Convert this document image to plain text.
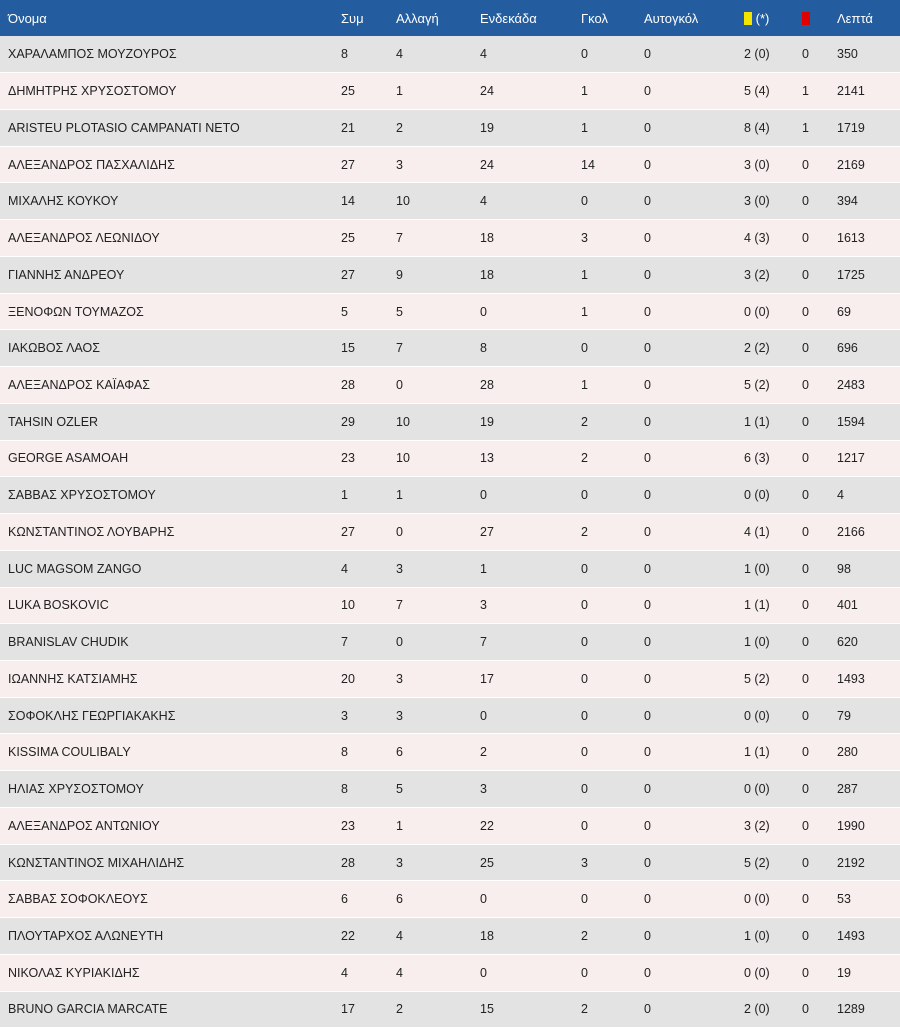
Όνομα	Συμ	Αλλαγή	Ενδεκάδα	Γκολ	Αυτογκόλ	(*)		Λεπτά
ΧΑΡΑΛΑΜΠΟΣ ΜΟΥΖΟΥΡΟΣ	8	4	4	0	0	2 (0)	0	350
ΔΗΜΗΤΡΗΣ ΧΡΥΣΟΣΤΟΜΟΥ	25	1	24	1	0	5 (4)	1	2141
ARISTEU PLOTASIO CAMPANATI NETO	21	2	19	1	0	8 (4)	1	1719
ΑΛΕΞΑΝΔΡΟΣ ΠΑΣΧΑΛΙΔΗΣ	27	3	24	14	0	3 (0)	0	2169
ΜΙΧΑΛΗΣ ΚΟΥΚΟΥ	14	10	4	0	0	3 (0)	0	394
ΑΛΕΞΑΝΔΡΟΣ ΛΕΩΝΙΔΟΥ	25	7	18	3	0	4 (3)	0	1613
ΓΙΑΝΝΗΣ ΑΝΔΡΕΟΥ	27	9	18	1	0	3 (2)	0	1725
ΞΕΝΟΦΩΝ ΤΟΥΜΑΖΟΣ	5	5	0	1	0	0 (0)	0	69
ΙΑΚΩΒΟΣ ΛΑΟΣ	15	7	8	0	0	2 (2)	0	696
ΑΛΕΞΑΝΔΡΟΣ ΚΑΪΑΦΑΣ	28	0	28	1	0	5 (2)	0	2483
TAHSIN OZLER	29	10	19	2	0	1 (1)	0	1594
GEORGE ASAMOAH	23	10	13	2	0	6 (3)	0	1217
ΣΑΒΒΑΣ ΧΡΥΣΟΣΤΟΜΟΥ	1	1	0	0	0	0 (0)	0	4
ΚΩΝΣΤΑΝΤΙΝΟΣ ΛΟΥΒΑΡΗΣ	27	0	27	2	0	4 (1)	0	2166
LUC MAGSOM ZANGO	4	3	1	0	0	1 (0)	0	98
LUKA BOSKOVIC	10	7	3	0	0	1 (1)	0	401
BRANISLAV CHUDIK	7	0	7	0	0	1 (0)	0	620
ΙΩΑΝΝΗΣ ΚΑΤΣΙΑΜΗΣ	20	3	17	0	0	5 (2)	0	1493
ΣΟΦΟΚΛΗΣ ΓΕΩΡΓΙΑΚΑΚΗΣ	3	3	0	0	0	0 (0)	0	79
KISSIMA COULIBALY	8	6	2	0	0	1 (1)	0	280
ΗΛΙΑΣ ΧΡΥΣΟΣΤΟΜΟΥ	8	5	3	0	0	0 (0)	0	287
ΑΛΕΞΑΝΔΡΟΣ ΑΝΤΩΝΙΟΥ	23	1	22	0	0	3 (2)	0	1990
ΚΩΝΣΤΑΝΤΙΝΟΣ ΜΙΧΑΗΛΙΔΗΣ	28	3	25	3	0	5 (2)	0	2192
ΣΑΒΒΑΣ ΣΟΦΟΚΛΕΟΥΣ	6	6	0	0	0	0 (0)	0	53
ΠΛΟΥΤΑΡΧΟΣ ΑΛΩΝΕΥΤΗ	22	4	18	2	0	1 (0)	0	1493
ΝΙΚΟΛΑΣ ΚΥΡΙΑΚΙΔΗΣ	4	4	0	0	0	0 (0)	0	19
BRUNO GARCIA MARCATE	17	2	15	2	0	2 (0)	0	1289
